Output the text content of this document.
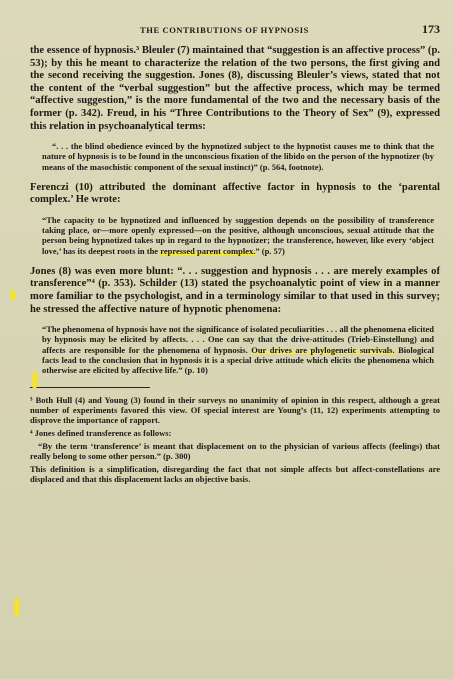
THE CONTRIBUTIONS OF HYPNOSIS	173

the essence of hypnosis.³ Bleuler (7) maintained that “suggestion is an affective process” (p. 53); by this he meant to characterize the relation of the two persons, the first giving and the second receiving the suggestion. Jones (8), discussing Bleuler’s views, stated that not the content of the “verbal suggestion” but the affective process, which may be termed “affective suggestion,” is the more fundamental of the two and the necessary basis of the former (p. 342). Freud, in his “Three Contributions to the Theory of Sex” (9), expressed this relation in psychoanalytical terms:

“. . . the blind obedience evinced by the hypnotized subject to the hypnotist causes me to think that the nature of hypnosis is to be found in the unconscious fixation of the libido on the person of the hypnotizer (by means of the masochistic component of the sexual instinct)” (p. 564, footnote).

Ferenczi (10) attributed the dominant affective factor in hypnosis to the ‘parental complex.’ He wrote:

“The capacity to be hypnotized and influenced by suggestion depends on the possibility of transference taking place, or—more openly expressed—on the positive, although unconscious, sexual attitude that the person being hypnotized takes up in regard to the hypnotizer; the transference, however, like every ‘object love,’ has its deepest roots in the repressed parent complex.” (p. 57)

Jones (8) was even more blunt: “. . . suggestion and hypnosis . . . are merely examples of transference”⁴ (p. 353). Schilder (13) stated the psychoanalytic point of view in a manner more familiar to the psychologist, and in a terminology similar to that used in this survey; he stressed the affective nature of hypnotic phenomena:

“The phenomena of hypnosis have not the significance of isolated peculiarities . . . all the phenomena elicited by hypnosis may be elicited by affects. . . . One can say that the drive-attitudes (Trieb-Einstellung) and affects are responsible for the phenomena of hypnosis. Our drives are phylogenetic survivals. Biological facts lead to the conclusion that in hypnosis it is a special drive attitude which elicits the phenomena which otherwise are elicited by affective life.” (p. 10)

³ Both Hull (4) and Young (3) found in their surveys no unanimity of opinion in this respect, although a great number of experiments favored this view. Of special interest are Young’s (11, 12) experiments attempting to disprove the importance of rapport.

⁴ Jones defined transference as follows:

“By the term ‘transference’ is meant that displacement on to the physician of various affects (feelings) that really belong to some other person.” (p. 300)

This definition is a simplification, disregarding the fact that not simple affects but affect-constellations are displaced and that this displacement lacks an objective basis.
